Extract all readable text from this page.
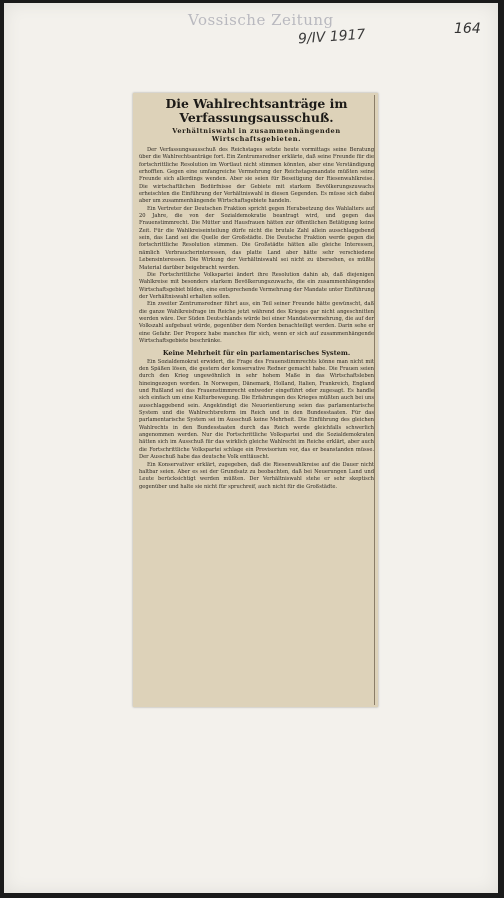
Vossische Zeitung
9/IV 1917	164
Die Wahlrechtsanträge im Verfassungsausschuß.
Verhältniswahl in zusammenhängenden Wirtschaftsgebieten.

Der Verfassungsausschuß des Reichstages setzte heute vormittags seine Beratung über die Wahlrechtsanträge fort. Ein Zentrumsredner erklärte, daß seine Freunde für die fortschrittliche Resolution im Wortlaut nicht stimmen könnten, aber eine Verständigung erhofften. Gegen eine umfangreiche Vermehrung der Reichstagsmandate müßten seine Freunde sich allerdings wenden. Aber sie seien für Beseitigung der Riesenwahlkreise. Die wirtschaftlichen Bedürfnisse der Gebiete mit starkem Bevölkerungszuwachs erheischten die Einführung der Verhältniswahl in diesen Gegenden. Es müsse sich dabei aber um zusammenhängende Wirtschaftsgebiete handeln.

Ein Vertreter der Deutschen Fraktion spricht gegen Herabsetzung des Wahlalters auf 20 Jahre, die von der Sozialdemokratie beantragt wird, und gegen das Frauenstimmrecht. Die Mütter und Hausfrauen hätten zur öffentlichen Betätigung keine Zeit. Für die Wahlkreiseinteilung dürfe nicht die brutale Zahl allein ausschlaggebend sein, das Land sei die Quelle der Großstädte. Die Deutsche Fraktion werde gegen die fortschrittliche Resolution stimmen. Die Großstädte hätten alle gleiche Interessen, nämlich Verbraucherinteressen, das platte Land aber hätte sehr verschiedene Lebensinteressen. Die Wirkung der Verhältniswahl sei nicht zu übersehen, es müßte Material darüber beigebracht werden.

Die Fortschrittliche Volkspartei ändert ihre Resolution dahin ab, daß diejenigen Wahlkreise mit besonders starkem Bevölkerungszuwachs, die ein zusammenhängendes Wirtschaftsgebiet bilden, eine entsprechende Vermehrung der Mandate unter Einführung der Verhältniswahl erhalten sollen.

Ein zweiter Zentrumsredner führt aus, ein Teil seiner Freunde hätte gewünscht, daß die ganze Wahlkreisfrage im Reiche jetzt während des Krieges gar nicht angeschnitten werden wäre. Der Süden Deutschlands würde bei einer Mandatsvermehrung, die auf der Volkszahl aufgebaut würde, gegenüber dem Norden benachteiligt werden. Darin sehe er eine Gefahr. Der Proporz habe manches für sich, wenn er sich auf zusammenhängende Wirtschaftsgebiete beschränke.

Keine Mehrheit für ein parlamentarisches System.

Ein Sozialdemokrat erwidert, die Frage des Frauenstimmrechts könne man nicht mit den Späßen lösen, die gestern der konservative Redner gemacht habe. Die Frauen seien durch den Krieg ungewöhnlich in sehr hohem Maße in das Wirtschaftsleben hineingezogen worden. In Norwegen, Dänemark, Holland, Italien, Frankreich, England und Rußland sei das Frauenstimmrecht entweder eingeführt oder zugesagt. Es handle sich einfach um eine Kulturbewegung. Die Erfahrungen des Krieges müßten auch bei uns ausschlaggebend sein. Angekündigt die Neuorientierung seien das parlamentarische System und die Wahlrechtsreform im Reich und in den Bundesstaaten. Für das parlamentarische System sei im Ausschuß keine Mehrheit. Die Einführung des gleichen Wahlrechts in den Bundesstaaten durch das Reich werde gleichfalls schwerlich angenommen werden. Nur die Fortschrittliche Volkspartei und die Sozialdemokraten hätten sich im Ausschuß für das wirklich gleiche Wahlrecht im Reiche erklärt, aber auch die Fortschrittliche Volkspartei schlage ein Provisorium vor, das er beanstanden müsse. Der Ausschuß habe das deutsche Volk enttäuscht.

Ein Konservativer erklärt, zugegeben, daß die Riesenwahlkreise auf die Dauer nicht haltbar seien. Aber es sei der Grundsatz zu beobachten, daß bei Neuerungen Land und Leute berücksichtigt werden müßten. Der Verhältniswahl stehe er sehr skeptisch gegenüber und halte sie nicht für spruchreif, auch nicht für die Großstädte.
